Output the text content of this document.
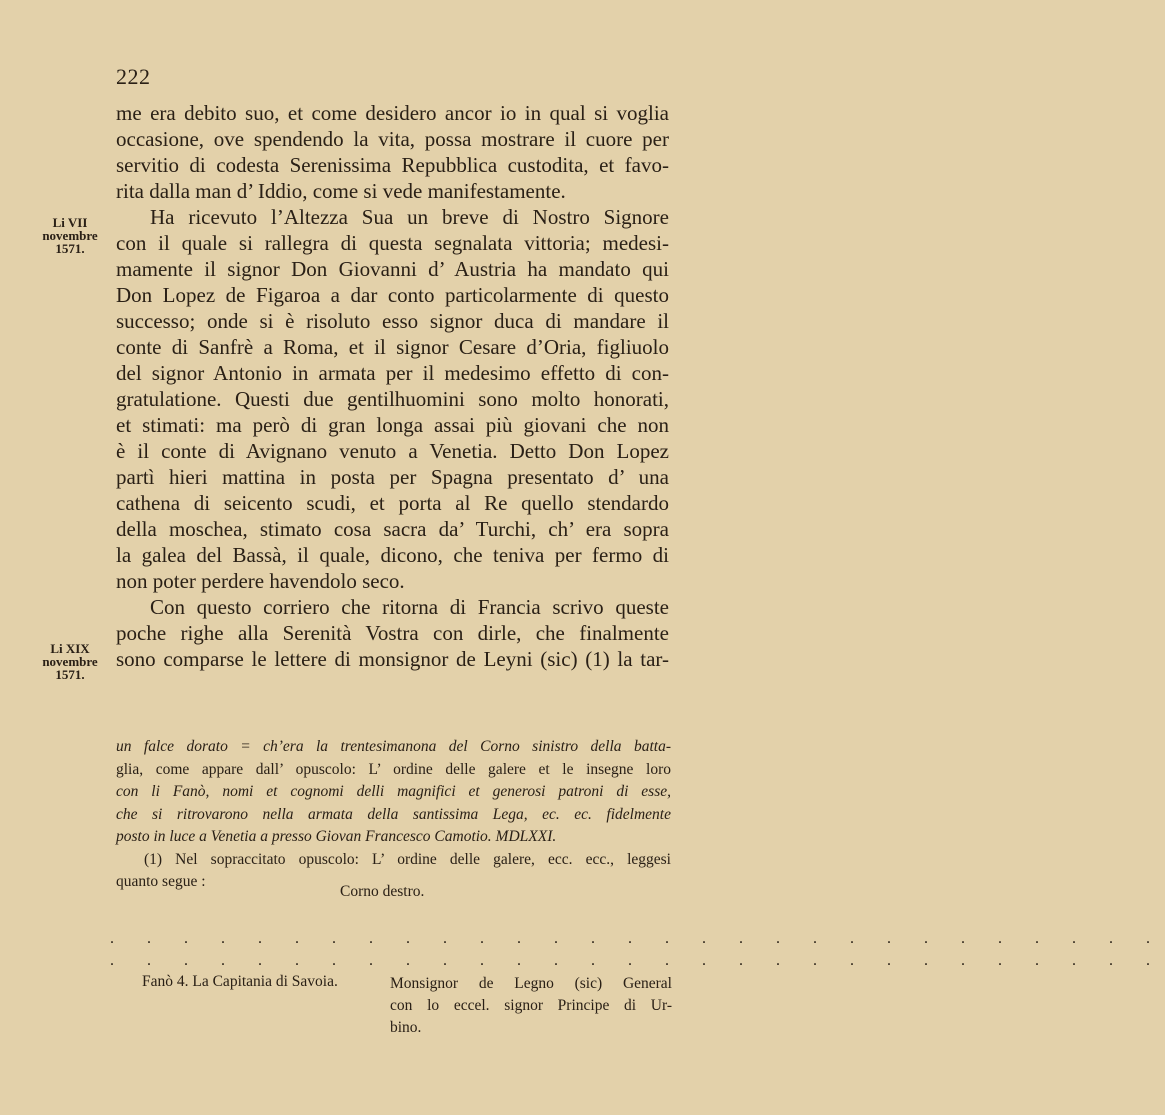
222
Li VII
novembre
1571.
Li XIX
novembre
1571.
me era debito suo, et come desidero ancor io in qual si voglia
occasione, ove spendendo la vita, possa mostrare il cuore per
servitio di codesta Serenissima Repubblica custodita, et favo-
rita dalla man d’ Iddio, come si vede manifestamente.
Ha ricevuto l’Altezza Sua un breve di Nostro Signore
con il quale si rallegra di questa segnalata vittoria; medesi-
mamente il signor Don Giovanni d’ Austria ha mandato qui
Don Lopez de Figaroa a dar conto particolarmente di questo
successo; onde si è risoluto esso signor duca di mandare il
conte di Sanfrè a Roma, et il signor Cesare d’Oria, figliuolo
del signor Antonio in armata per il medesimo effetto di con-
gratulatione. Questi due gentilhuomini sono molto honorati,
et stimati: ma però di gran longa assai più giovani che non
è il conte di Avignano venuto a Venetia. Detto Don Lopez
partì hieri mattina in posta per Spagna presentato d’ una
cathena di seicento scudi, et porta al Re quello stendardo
della moschea, stimato cosa sacra da’ Turchi, ch’ era sopra
la galea del Bassà, il quale, dicono, che teniva per fermo di
non poter perdere havendolo seco.
Con questo corriero che ritorna di Francia scrivo queste
poche righe alla Serenità Vostra con dirle, che finalmente
sono comparse le lettere di monsignor de Leyni (sic) (1) la tar-
un falce dorato = ch’era la trentesimanona del Corno sinistro della batta-
glia, come appare dall’ opuscolo: L’ ordine delle galere et le insegne loro
con li Fanò, nomi et cognomi delli magnifici et generosi patroni di esse,
che si ritrovarono nella armata della santissima Lega, ec. ec. fidelmente
posto in luce a Venetia a presso Giovan Francesco Camotio. MDLXXI.
(1) Nel sopraccitato opuscolo: L’ ordine delle galere, ecc. ecc., leggesi
quanto segue :
Corno destro.
. . . . . . . . . . . . . . . . . . . . . . . . . . . . .
. . . . . . . . . . . . . . . . . . . . . . . . . . . . .
Fanò 4. La Capitania di Savoia.	Monsignor de Legno (sic) General
con lo eccel. signor Principe di Ur-
bino.
